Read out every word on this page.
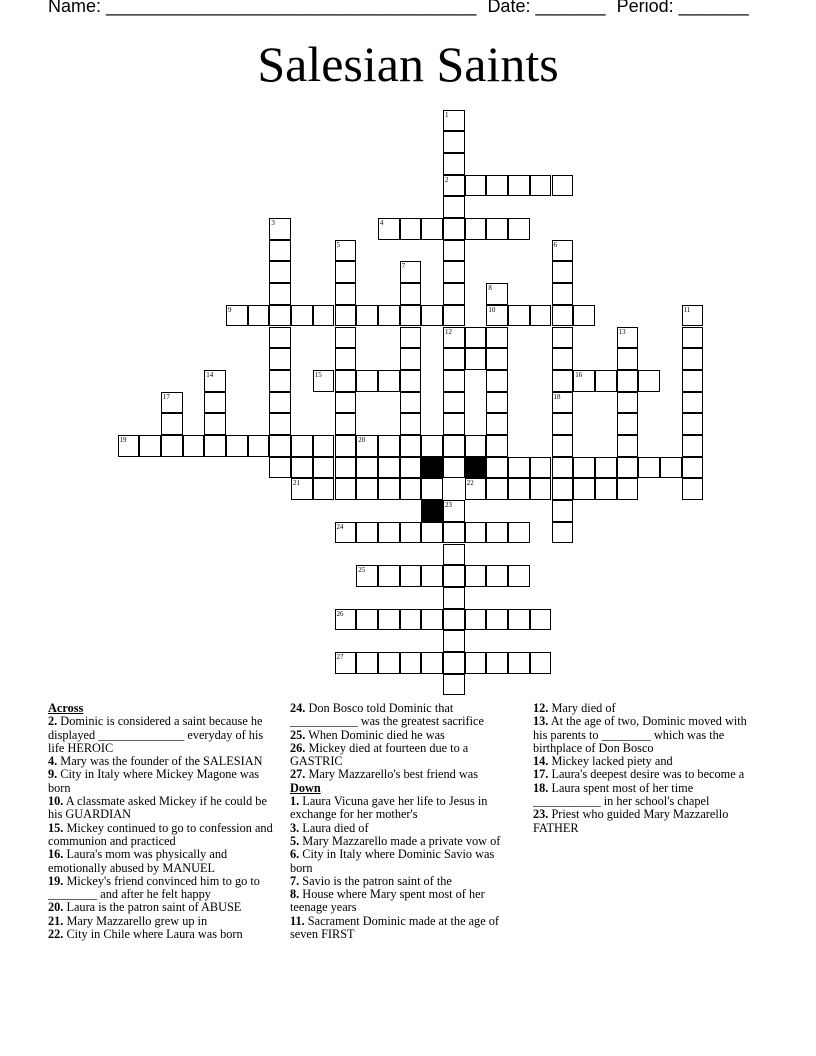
Name: _____________________________________ Date: _______ Period: _______
Salesian Saints
1
2
3	4
5	6
18
7
8
10
9	11
12	13
14	15	16
17
19	20
21	22
23
24
25
26
27
Across
2. Dominic is considered a saint because he displayed ______________ everyday of his life HEROIC
4. Mary was the founder of the SALESIAN
9. City in Italy where Mickey Magone was born
10. A classmate asked Mickey if he could be his GUARDIAN
15. Mickey continued to go to confession and communion and practiced
16. Laura's mom was physically and emotionally abused by MANUEL
19. Mickey's friend convinced him to go to ________ and after he felt happy
20. Laura is the patron saint of ABUSE
21. Mary Mazzarello grew up in
22. City in Chile where Laura was born
24. Don Bosco told Dominic that ___________ was the greatest sacrifice
25. When Dominic died he was
26. Mickey died at fourteen due to a GASTRIC
27. Mary Mazzarello's best friend was
Down
1. Laura Vicuna gave her life to Jesus in exchange for her mother's
3. Laura died of
5. Mary Mazzarello made a private vow of
6. City in Italy where Dominic Savio was born
7. Savio is the patron saint of the
8. House where Mary spent most of her teenage years
11. Sacrament Dominic made at the age of seven FIRST
12. Mary died of
13. At the age of two, Dominic moved with his parents to ________ which was the birthplace of Don Bosco
14. Mickey lacked piety and
17. Laura's deepest desire was to become a
18. Laura spent most of her time ___________ in her school's chapel
23. Priest who guided Mary Mazzarello FATHER
